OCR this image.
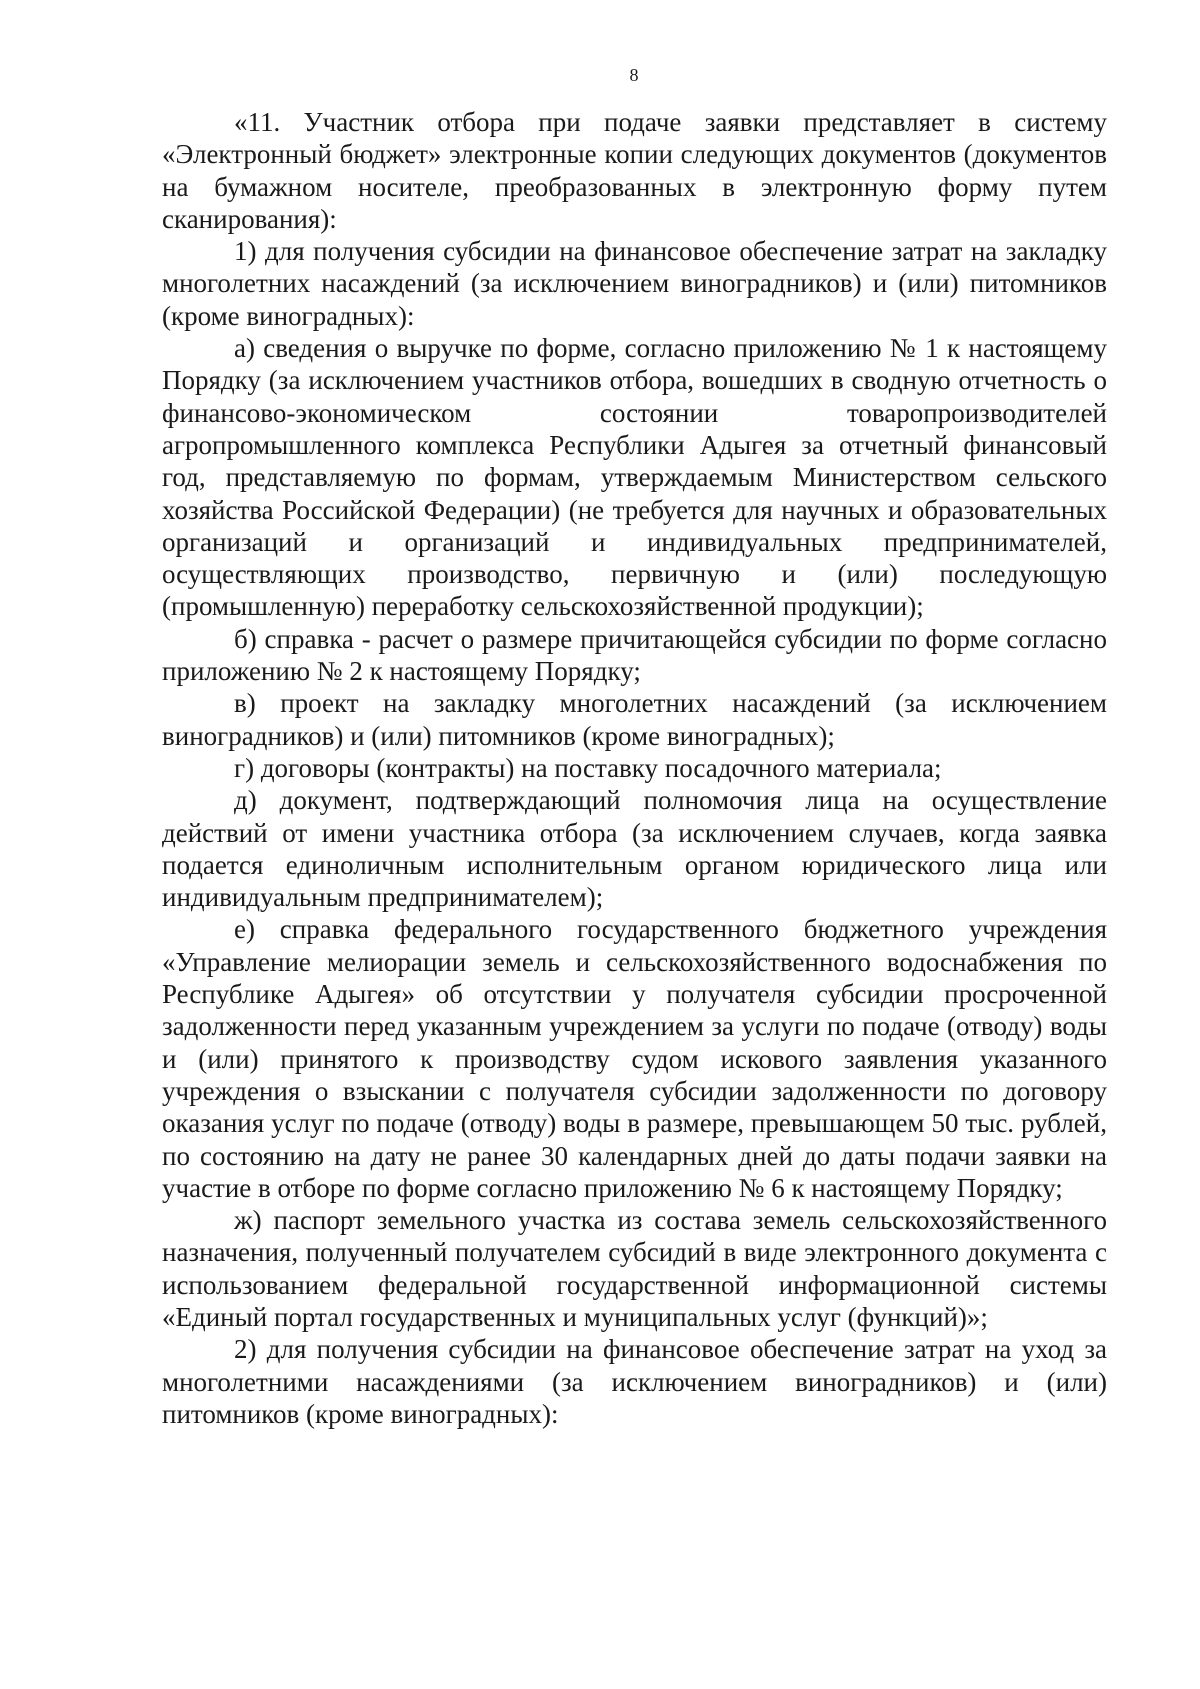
8

«11. Участник отбора при подаче заявки представляет в систему «Электронный бюджет» электронные копии следующих документов (документов на бумажном носителе, преобразованных в электронную форму путем сканирования):

1) для получения субсидии на финансовое обеспечение затрат на закладку многолетних насаждений (за исключением виноградников) и (или) питомников (кроме виноградных):

а) сведения о выручке по форме, согласно приложению № 1 к настоящему Порядку (за исключением участников отбора, вошедших в сводную отчетность о финансово-экономическом состоянии товаропроизводителей агропромышленного комплекса Республики Адыгея за отчетный финансовый год, представляемую по формам, утверждаемым Министерством сельского хозяйства Российской Федерации) (не требуется для научных и образовательных организаций и организаций и индивидуальных предпринимателей, осуществляющих производство, первичную и (или) последующую (промышленную) переработку сельскохозяйственной продукции);

б) справка - расчет о размере причитающейся субсидии по форме согласно приложению № 2 к настоящему Порядку;

в) проект на закладку многолетних насаждений (за исключением виноградников) и (или) питомников (кроме виноградных);

г) договоры (контракты) на поставку посадочного материала;

д) документ, подтверждающий полномочия лица на осуществление действий от имени участника отбора (за исключением случаев, когда заявка подается единоличным исполнительным органом юридического лица или индивидуальным предпринимателем);

е) справка федерального государственного бюджетного учреждения «Управление мелиорации земель и сельскохозяйственного водоснабжения по Республике Адыгея» об отсутствии у получателя субсидии просроченной задолженности перед указанным учреждением за услуги по подаче (отводу) воды и (или) принятого к производству судом искового заявления указанного учреждения о взыскании с получателя субсидии задолженности по договору оказания услуг по подаче (отводу) воды в размере, превышающем 50 тыс. рублей, по состоянию на дату не ранее 30 календарных дней до даты подачи заявки на участие в отборе по форме согласно приложению № 6 к настоящему Порядку;

ж) паспорт земельного участка из состава земель сельскохозяйственного назначения, полученный получателем субсидий в виде электронного документа с использованием федеральной государственной информационной системы «Единый портал государственных и муниципальных услуг (функций)»;

2) для получения субсидии на финансовое обеспечение затрат на уход за многолетними насаждениями (за исключением виноградников) и (или) питомников (кроме виноградных):
